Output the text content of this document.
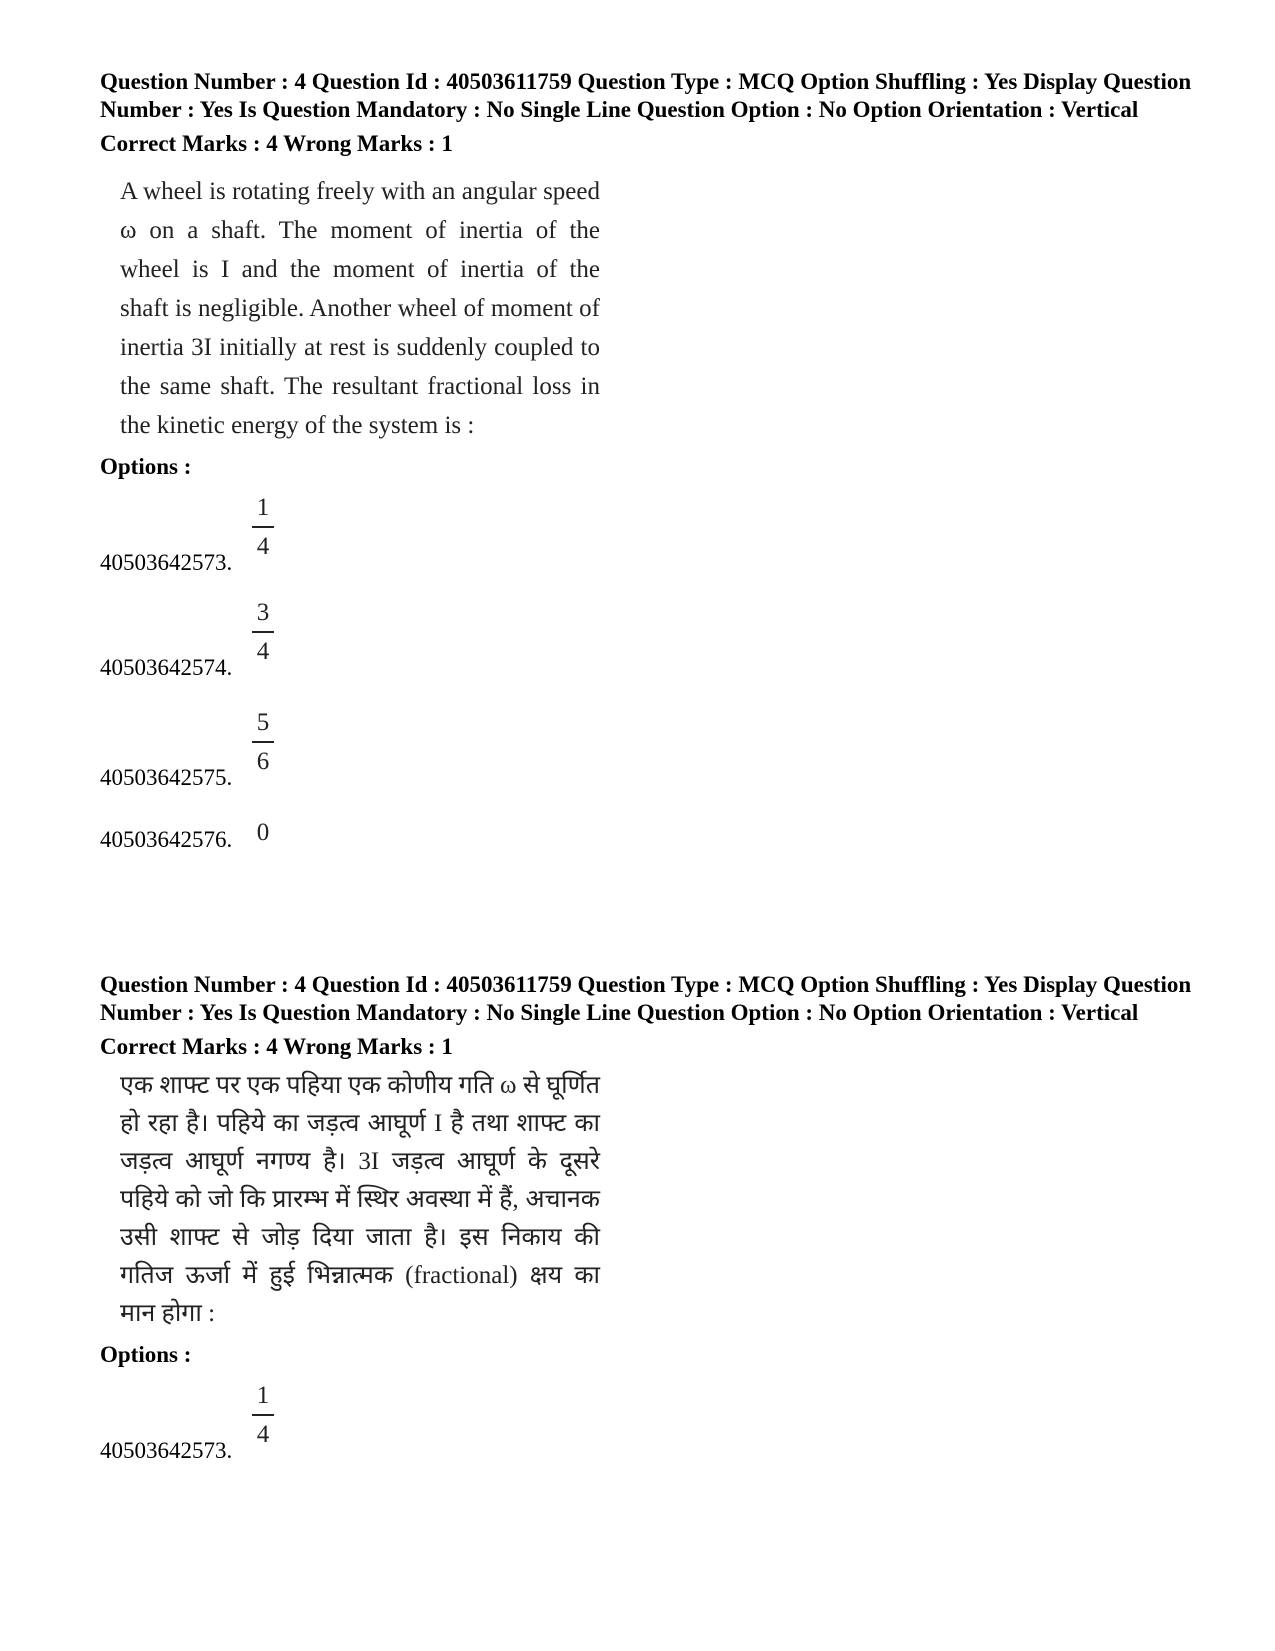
Question Number : 4 Question Id : 40503611759 Question Type : MCQ Option Shuffling : Yes Display Question Number : Yes Is Question Mandatory : No Single Line Question Option : No Option Orientation : Vertical

Correct Marks : 4 Wrong Marks : 1

A wheel is rotating freely with an angular speed ω on a shaft. The moment of inertia of the wheel is I and the moment of inertia of the shaft is negligible. Another wheel of moment of inertia 3I initially at rest is suddenly coupled to the same shaft. The resultant fractional loss in the kinetic energy of the system is :

Options :

40503642573.
1
4
40503642574.
3
4
40503642575.
5
6
40503642576. 0

Question Number : 4 Question Id : 40503611759 Question Type : MCQ Option Shuffling : Yes Display Question Number : Yes Is Question Mandatory : No Single Line Question Option : No Option Orientation : Vertical

Correct Marks : 4 Wrong Marks : 1

एक शाफ्ट पर एक पहिया एक कोणीय गति ω से घूर्णित हो रहा है। पहिये का जड़त्व आघूर्ण I है तथा शाफ्ट का जड़त्व आघूर्ण नगण्य है। 3I जड़त्व आघूर्ण के दूसरे पहिये को जो कि प्रारम्भ में स्थिर अवस्था में हैं, अचानक उसी शाफ्ट से जोड़ दिया जाता है। इस निकाय की गतिज ऊर्जा में हुई भिन्नात्मक (fractional) क्षय का मान होगा :

Options :

40503642573.
1
4
